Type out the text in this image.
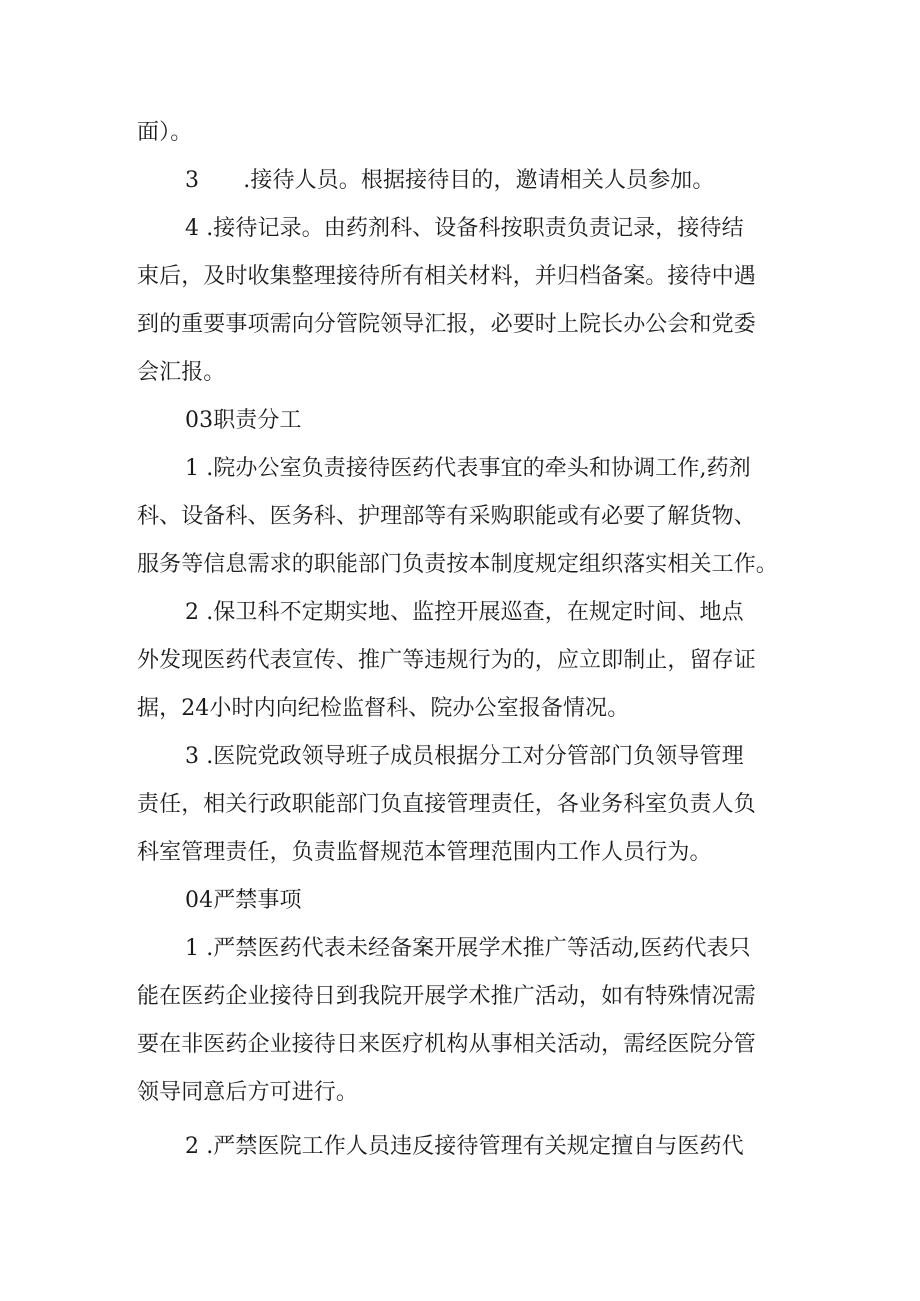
面）。
3　　.接待人员。根据接待目的，邀请相关人员参加。
4 .接待记录。由药剂科、设备科按职责负责记录，接待结
束后，及时收集整理接待所有相关材料，并归档备案。接待中遇
到的重要事项需向分管院领导汇报，必要时上院长办公会和党委
会汇报。
03职责分工
1 .院办公室负责接待医药代表事宜的牵头和协调工作,药剂
科、设备科、医务科、护理部等有采购职能或有必要了解货物、
服务等信息需求的职能部门负责按本制度规定组织落实相关工作。
2 .保卫科不定期实地、监控开展巡查，在规定时间、地点
外发现医药代表宣传、推广等违规行为的，应立即制止，留存证
据，24小时内向纪检监督科、院办公室报备情况。
3 .医院党政领导班子成员根据分工对分管部门负领导管理
责任，相关行政职能部门负直接管理责任，各业务科室负责人负
科室管理责任，负责监督规范本管理范围内工作人员行为。
04严禁事项
1 .严禁医药代表未经备案开展学术推广等活动,医药代表只
能在医药企业接待日到我院开展学术推广活动，如有特殊情况需
要在非医药企业接待日来医疗机构从事相关活动，需经医院分管
领导同意后方可进行。
2 .严禁医院工作人员违反接待管理有关规定擅自与医药代
